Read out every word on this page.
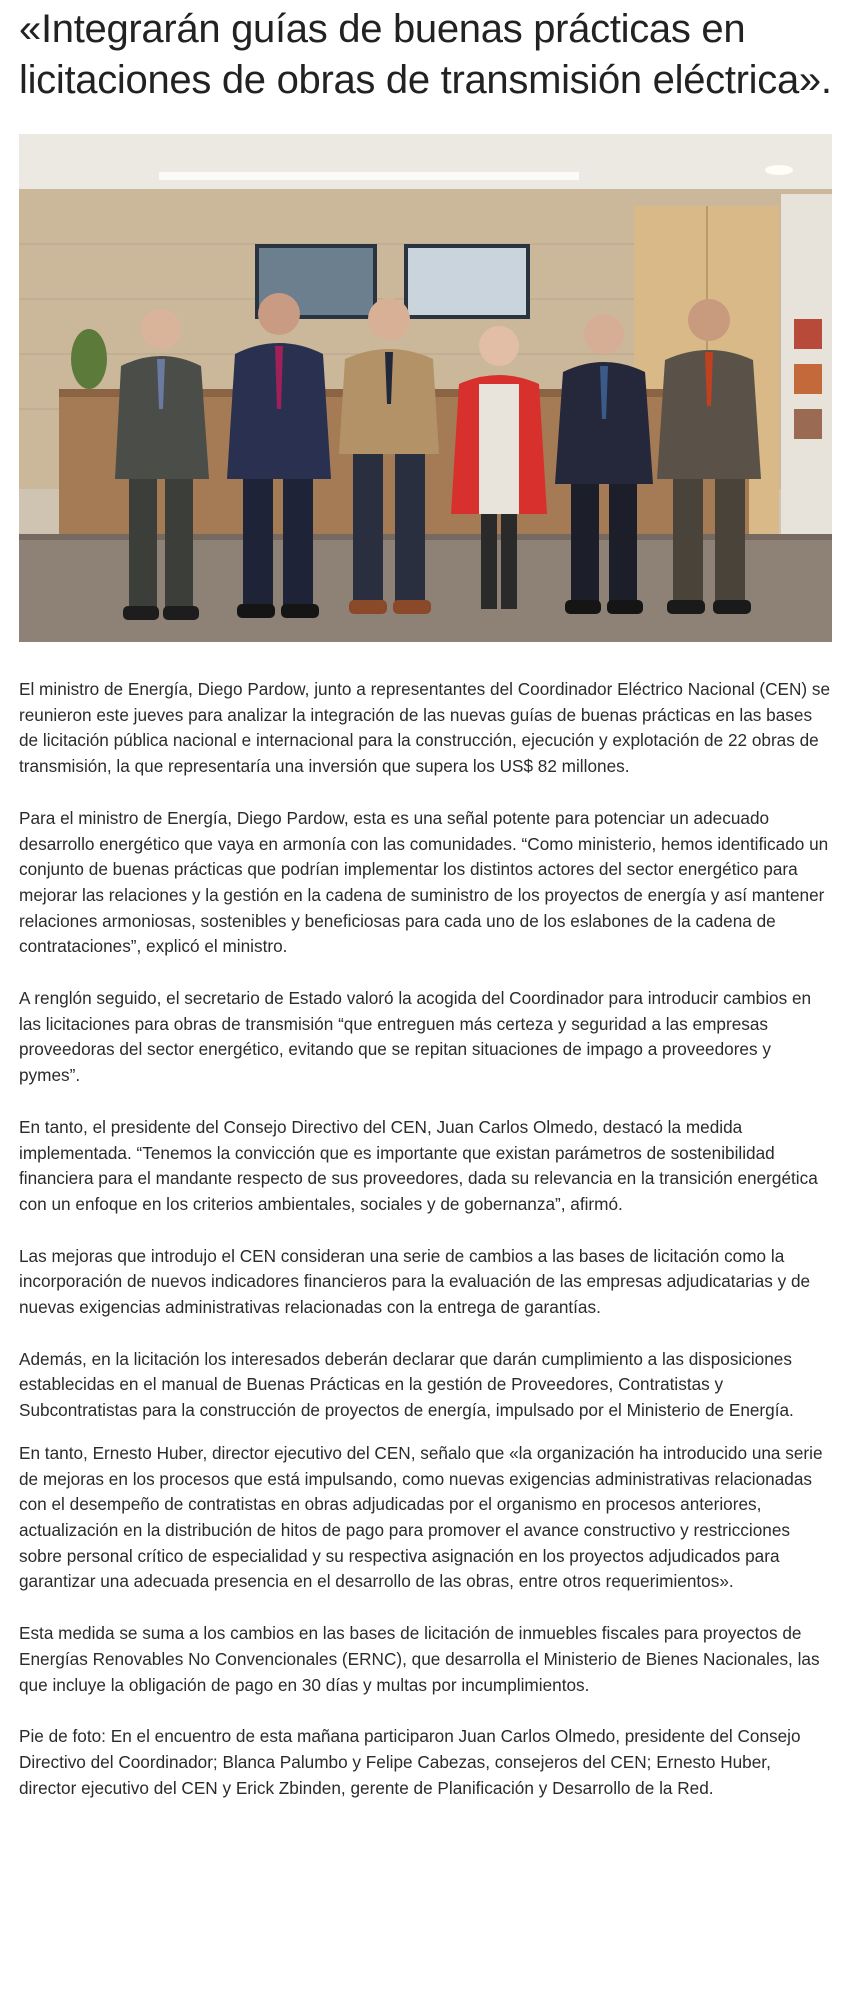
«Integrarán guías de buenas prácticas en licitaciones de obras de transmisión eléctrica».

El ministro de Energía, Diego Pardow, junto a representantes del Coordinador Eléctrico Nacional (CEN) se reunieron este jueves para analizar la integración de las nuevas guías de buenas prácticas en las bases de licitación pública nacional e internacional para la construcción, ejecución y explotación de 22 obras de transmisión, la que representaría una inversión que supera los US$ 82 millones.

Para el ministro de Energía, Diego Pardow, esta es una señal potente para potenciar un adecuado desarrollo energético que vaya en armonía con las comunidades. “Como ministerio, hemos identificado un conjunto de buenas prácticas que podrían implementar los distintos actores del sector energético para mejorar las relaciones y la gestión en la cadena de suministro de los proyectos de energía y así mantener relaciones armoniosas, sostenibles y beneficiosas para cada uno de los eslabones de la cadena de contrataciones”, explicó el ministro.

A renglón seguido, el secretario de Estado valoró la acogida del Coordinador para introducir cambios en las licitaciones para obras de transmisión “que entreguen más certeza y seguridad a las empresas proveedoras del sector energético, evitando que se repitan situaciones de impago a proveedores y pymes”.

En tanto, el presidente del Consejo Directivo del CEN, Juan Carlos Olmedo, destacó la medida implementada. “Tenemos la convicción que es importante que existan parámetros de sostenibilidad financiera para el mandante respecto de sus proveedores, dada su relevancia en la transición energética con un enfoque en los criterios ambientales, sociales y de gobernanza”, afirmó.

Las mejoras que introdujo el CEN consideran una serie de cambios a las bases de licitación como la incorporación de nuevos indicadores financieros para la evaluación de las empresas adjudicatarias y de nuevas exigencias administrativas relacionadas con la entrega de garantías.

Además, en la licitación los interesados deberán declarar que darán cumplimiento a las disposiciones establecidas en el manual de Buenas Prácticas en la gestión de Proveedores, Contratistas y Subcontratistas para la construcción de proyectos de energía, impulsado por el Ministerio de Energía.

En tanto, Ernesto Huber, director ejecutivo del CEN, señalo que «la organización ha introducido una serie de mejoras en los procesos que está impulsando, como nuevas exigencias administrativas relacionadas con el desempeño de contratistas en obras adjudicadas por el organismo en procesos anteriores, actualización en la distribución de hitos de pago para promover el avance constructivo y restricciones sobre personal crítico de especialidad y su respectiva asignación en los proyectos adjudicados para garantizar una adecuada presencia en el desarrollo de las obras, entre otros requerimientos».

Esta medida se suma a los cambios en las bases de licitación de inmuebles fiscales para proyectos de Energías Renovables No Convencionales (ERNC), que desarrolla el Ministerio de Bienes Nacionales, las que incluye la obligación de pago en 30 días y multas por incumplimientos.

Pie de foto: En el encuentro de esta mañana participaron Juan Carlos Olmedo, presidente del Consejo Directivo del Coordinador; Blanca Palumbo y Felipe Cabezas, consejeros del CEN; Ernesto Huber, director ejecutivo del CEN y Erick Zbinden, gerente de Planificación y Desarrollo de la Red.
